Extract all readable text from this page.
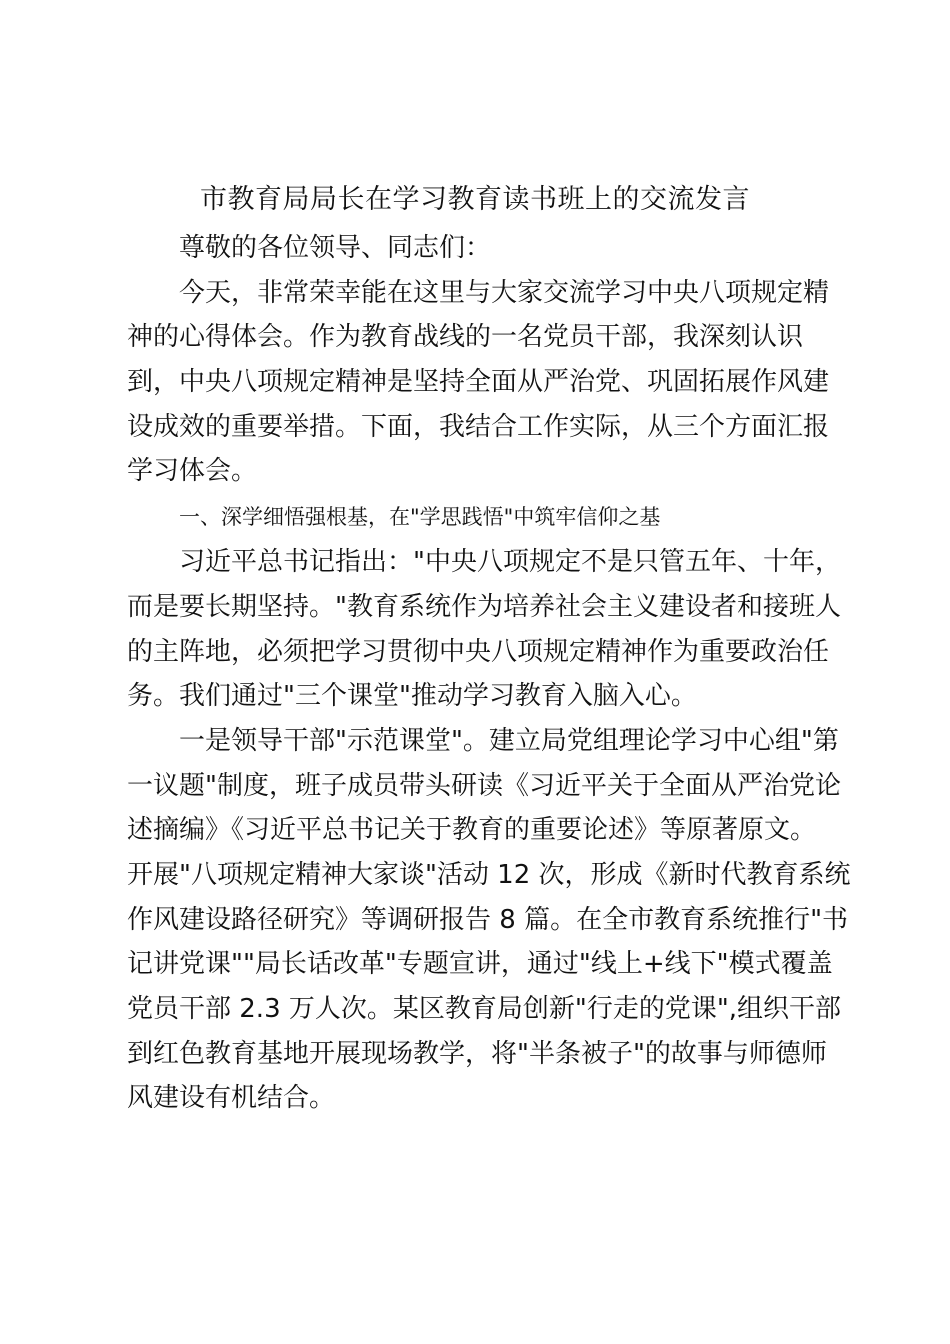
市教育局局长在学习教育读书班上的交流发言
尊敬的各位领导、同志们：
今天，非常荣幸能在这里与大家交流学习中央八项规定精
神的心得体会。作为教育战线的一名党员干部，我深刻认识
到，中央八项规定精神是坚持全面从严治党、巩固拓展作风建
设成效的重要举措。下面，我结合工作实际，从三个方面汇报
学习体会。
一、深学细悟强根基，在"学思践悟"中筑牢信仰之基
习近平总书记指出："中央八项规定不是只管五年、十年，
而是要长期坚持。"教育系统作为培养社会主义建设者和接班人
的主阵地，必须把学习贯彻中央八项规定精神作为重要政治任
务。我们通过"三个课堂"推动学习教育入脑入心。
一是领导干部"示范课堂"。建立局党组理论学习中心组"第
一议题"制度，班子成员带头研读《习近平关于全面从严治党论
述摘编》《习近平总书记关于教育的重要论述》等原著原文。
开展"八项规定精神大家谈"活动 12 次，形成《新时代教育系统
作风建设路径研究》等调研报告 8 篇。在全市教育系统推行"书
记讲党课""局长话改革"专题宣讲，通过"线上+线下"模式覆盖
党员干部 2.3 万人次。某区教育局创新"行走的党课",组织干部
到红色教育基地开展现场教学，将"半条被子"的故事与师德师
风建设有机结合。
